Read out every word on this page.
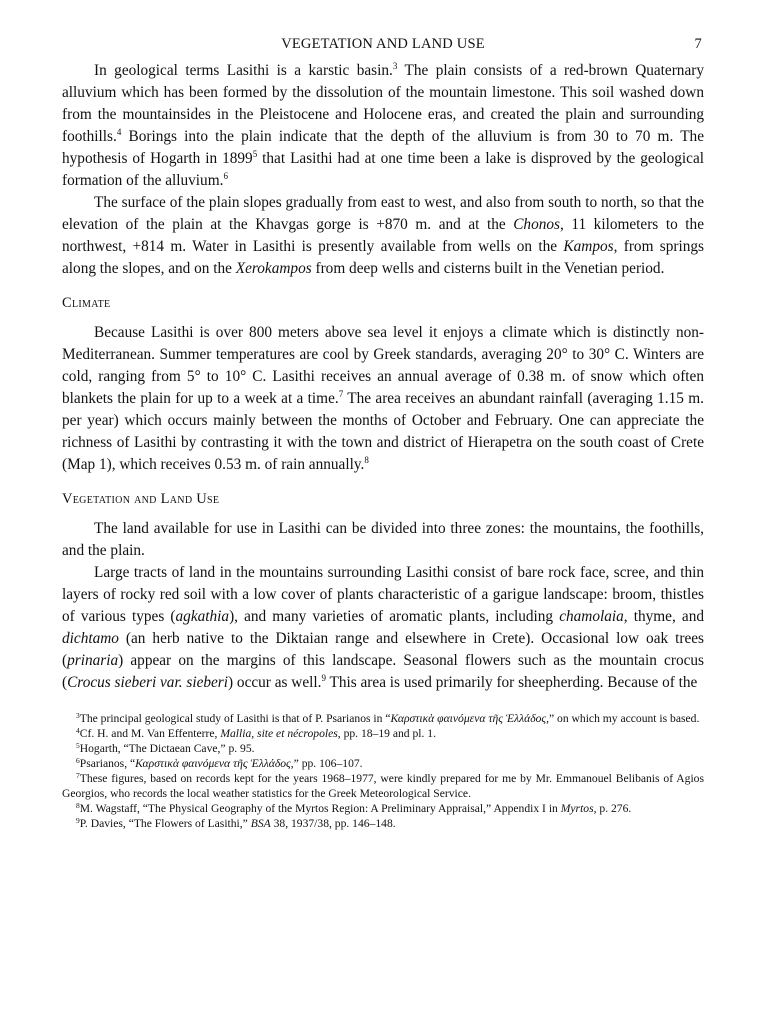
VEGETATION AND LAND USE	7

In geological terms Lasithi is a karstic basin.$^3$ The plain consists of a red-brown Quaternary alluvium which has been formed by the dissolution of the mountain limestone. This soil washed down from the mountainsides in the Pleistocene and Holocene eras, and created the plain and surrounding foothills.$^4$ Borings into the plain indicate that the depth of the alluvium is from 30 to 70 m. The hypothesis of Hogarth in 1899$^5$ that Lasithi had at one time been a lake is disproved by the geological formation of the alluvium.$^6$

The surface of the plain slopes gradually from east to west, and also from south to north, so that the elevation of the plain at the Khavgas gorge is +870 m. and at the Chonos, 11 kilometers to the northwest, +814 m. Water in Lasithi is presently available from wells on the Kampos, from springs along the slopes, and on the Xerokampos from deep wells and cisterns built in the Venetian period.

Climate

Because Lasithi is over 800 meters above sea level it enjoys a climate which is distinctly non-Mediterranean. Summer temperatures are cool by Greek standards, averaging 20° to 30° C. Winters are cold, ranging from 5° to 10° C. Lasithi receives an annual average of 0.38 m. of snow which often blankets the plain for up to a week at a time.$^7$ The area receives an abundant rainfall (averaging 1.15 m. per year) which occurs mainly between the months of October and February. One can appreciate the richness of Lasithi by contrasting it with the town and district of Hierapetra on the south coast of Crete (Map 1), which receives 0.53 m. of rain annually.$^8$

Vegetation and Land Use

The land available for use in Lasithi can be divided into three zones: the mountains, the foothills, and the plain.

Large tracts of land in the mountains surrounding Lasithi consist of bare rock face, scree, and thin layers of rocky red soil with a low cover of plants characteristic of a garigue landscape: broom, thistles of various types (agkathia), and many varieties of aromatic plants, including chamolaia, thyme, and dichtamo (an herb native to the Diktaian range and elsewhere in Crete). Occasional low oak trees (prinaria) appear on the margins of this landscape. Seasonal flowers such as the mountain crocus (Crocus sieberi var. sieberi) occur as well.$^9$ This area is used primarily for sheepherding. Because of the

$^3$The principal geological study of Lasithi is that of P. Psarianos in “Καρστικὰ φαινόμενα τῆς Ἑλλάδος,” on which my account is based.

$^4$Cf. H. and M. Van Effenterre, Mallia, site et nécropoles, pp. 18–19 and pl. 1.

$^5$Hogarth, “The Dictaean Cave,” p. 95.

$^6$Psarianos, “Καρστικὰ φαινόμενα τῆς Ἑλλάδος,” pp. 106–107.

$^7$These figures, based on records kept for the years 1968–1977, were kindly prepared for me by Mr. Emmanouel Belibanis of Agios Georgios, who records the local weather statistics for the Greek Meteorological Service.

$^8$M. Wagstaff, “The Physical Geography of the Myrtos Region: A Preliminary Appraisal,” Appendix I in Myrtos, p. 276.

$^9$P. Davies, “The Flowers of Lasithi,” BSA 38, 1937/38, pp. 146–148.
